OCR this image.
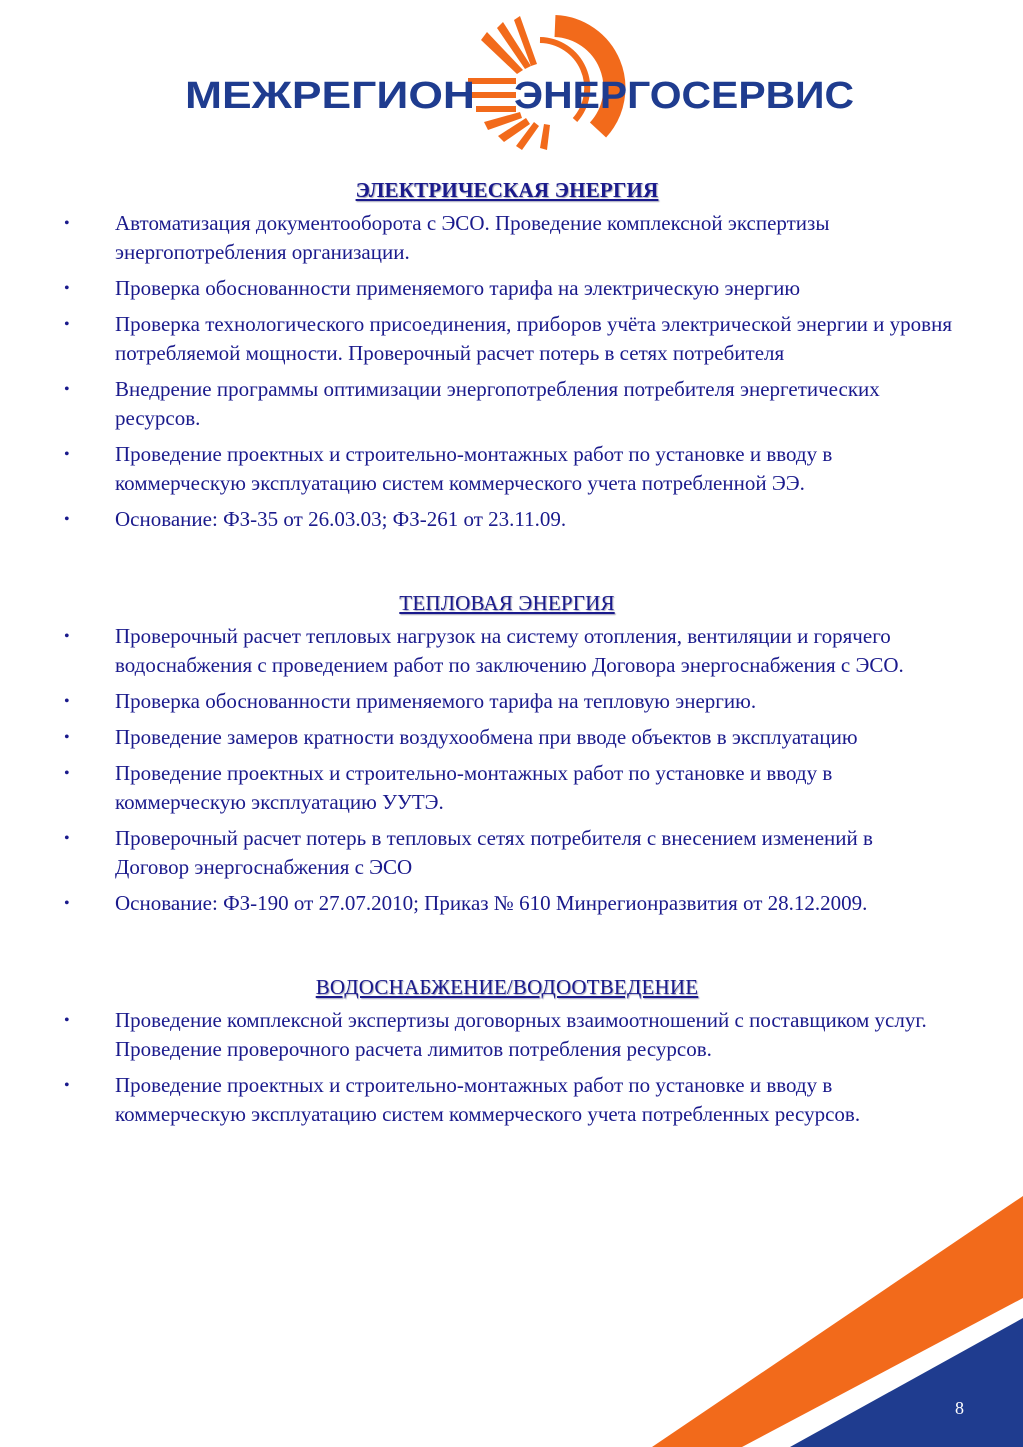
МЕЖРЕГИОН ЭНЕРГОСЕРВИС
ЭЛЕКТРИЧЕСКАЯ ЭНЕРГИЯ
• Автоматизация документооборота с ЭСО. Проведение комплексной экспертизы энергопотребления организации.
• Проверка обоснованности применяемого тарифа на электрическую энергию
• Проверка технологического присоединения, приборов учёта электрической энергии и уровня потребляемой мощности. Проверочный расчет потерь в сетях потребителя
• Внедрение программы оптимизации энергопотребления потребителя энергетических ресурсов.
• Проведение проектных и строительно-монтажных работ по установке и вводу в коммерческую эксплуатацию систем коммерческого учета потребленной ЭЭ.
• Основание: ФЗ-35 от 26.03.03; ФЗ-261 от 23.11.09.
ТЕПЛОВАЯ ЭНЕРГИЯ
• Проверочный расчет тепловых нагрузок на систему отопления, вентиляции и горячего водоснабжения с проведением работ по заключению Договора энергоснабжения с ЭСО.
• Проверка обоснованности применяемого тарифа на тепловую энергию.
• Проведение замеров кратности воздухообмена при вводе объектов в эксплуатацию
• Проведение проектных и строительно-монтажных работ по установке и вводу в коммерческую эксплуатацию УУТЭ.
• Проверочный расчет потерь в тепловых сетях потребителя с внесением изменений в Договор энергоснабжения с ЭСО
• Основание: ФЗ-190 от 27.07.2010; Приказ № 610 Минрегионразвития от 28.12.2009.
ВОДОСНАБЖЕНИЕ/ВОДООТВЕДЕНИЕ
• Проведение комплексной экспертизы договорных взаимоотношений с поставщиком услуг. Проведение проверочного расчета лимитов потребления ресурсов.
• Проведение проектных и строительно-монтажных работ по установке и вводу в коммерческую эксплуатацию систем коммерческого учета потребленных ресурсов.
8
